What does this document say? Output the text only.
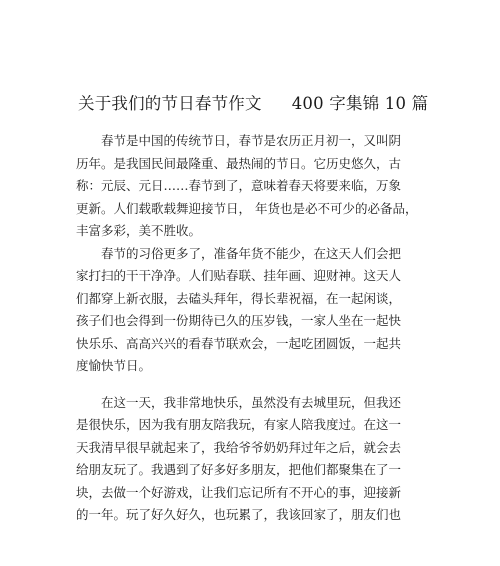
关于我们的节日春节作文 400 字集锦 10 篇
春节是中国的传统节日，春节是农历正月初一，又叫阴
历年。是我国民间最隆重、最热闹的节日。它历史悠久，古
称：元辰、元日……春节到了，意味着春天将要来临，万象
更新。人们载歌载舞迎接节日， 年货也是必不可少的必备品，
丰富多彩，美不胜收。
春节的习俗更多了，准备年货不能少，在这天人们会把
家打扫的干干净净。人们贴春联、挂年画、迎财神。这天人
们都穿上新衣服，去磕头拜年，得长辈祝福，在一起闲谈，
孩子们也会得到一份期待已久的压岁钱，一家人坐在一起快
快乐乐、高高兴兴的看春节联欢会，一起吃团圆饭，一起共
度愉快节日。
在这一天，我非常地快乐，虽然没有去城里玩，但我还
是很快乐，因为我有朋友陪我玩，有家人陪我度过。在这一
天我清早很早就起来了，我给爷爷奶奶拜过年之后，就会去
给朋友玩了。我遇到了好多好多朋友，把他们都聚集在了一
块，去做一个好游戏，让我们忘记所有不开心的事，迎接新
的一年。玩了好久好久，也玩累了，我该回家了，朋友们也
